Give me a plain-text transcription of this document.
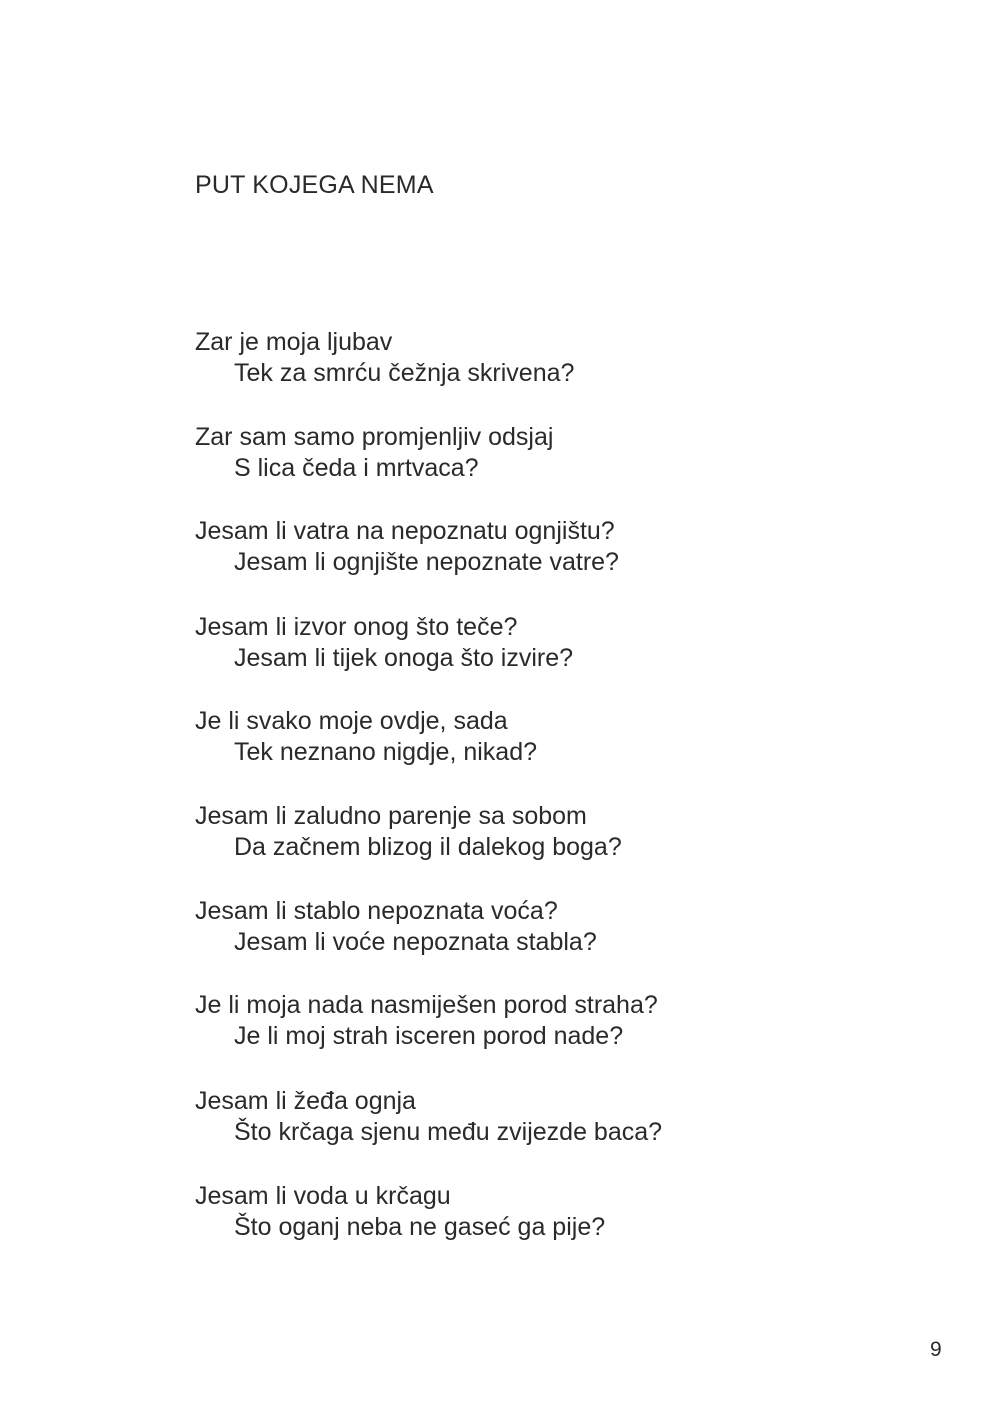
PUT KOJEGA NEMA
Zar je moja ljubav
Tek za smrću čežnja skrivena?
Zar sam samo promjenljiv odsjaj
S lica čeda i mrtvaca?
Jesam li vatra na nepoznatu ognjištu?
Jesam li ognjište nepoznate vatre?
Jesam li izvor onog što teče?
Jesam li tijek onoga što izvire?
Je li svako moje ovdje, sada
Tek neznano nigdje, nikad?
Jesam li zaludno parenje sa sobom
Da začnem blizog il dalekog boga?
Jesam li stablo nepoznata voća?
Jesam li voće nepoznata stabla?
Je li moja nada nasmiješen porod straha?
Je li moj strah isceren porod nade?
Jesam li žeđa ognja
Što krčaga sjenu među zvijezde baca?
Jesam li voda u krčagu
Što oganj neba ne gaseć ga pije?
9
